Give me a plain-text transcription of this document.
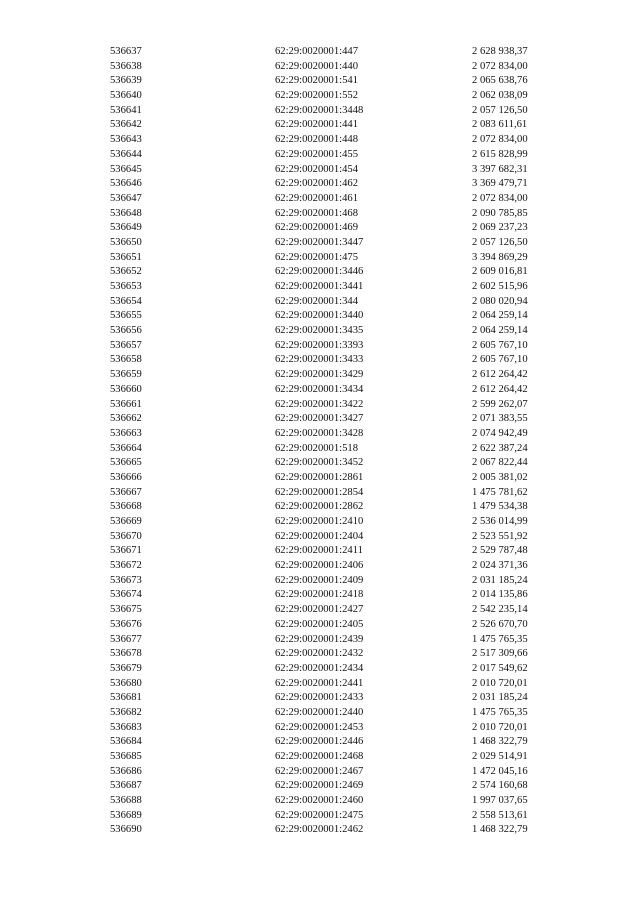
536637	62:29:0020001:447	2 628 938,37
536638	62:29:0020001:440	2 072 834,00
536639	62:29:0020001:541	2 065 638,76
536640	62:29:0020001:552	2 062 038,09
536641	62:29:0020001:3448	2 057 126,50
536642	62:29:0020001:441	2 083 611,61
536643	62:29:0020001:448	2 072 834,00
536644	62:29:0020001:455	2 615 828,99
536645	62:29:0020001:454	3 397 682,31
536646	62:29:0020001:462	3 369 479,71
536647	62:29:0020001:461	2 072 834,00
536648	62:29:0020001:468	2 090 785,85
536649	62:29:0020001:469	2 069 237,23
536650	62:29:0020001:3447	2 057 126,50
536651	62:29:0020001:475	3 394 869,29
536652	62:29:0020001:3446	2 609 016,81
536653	62:29:0020001:3441	2 602 515,96
536654	62:29:0020001:344	2 080 020,94
536655	62:29:0020001:3440	2 064 259,14
536656	62:29:0020001:3435	2 064 259,14
536657	62:29:0020001:3393	2 605 767,10
536658	62:29:0020001:3433	2 605 767,10
536659	62:29:0020001:3429	2 612 264,42
536660	62:29:0020001:3434	2 612 264,42
536661	62:29:0020001:3422	2 599 262,07
536662	62:29:0020001:3427	2 071 383,55
536663	62:29:0020001:3428	2 074 942,49
536664	62:29:0020001:518	2 622 387,24
536665	62:29:0020001:3452	2 067 822,44
536666	62:29:0020001:2861	2 005 381,02
536667	62:29:0020001:2854	1 475 781,62
536668	62:29:0020001:2862	1 479 534,38
536669	62:29:0020001:2410	2 536 014,99
536670	62:29:0020001:2404	2 523 551,92
536671	62:29:0020001:2411	2 529 787,48
536672	62:29:0020001:2406	2 024 371,36
536673	62:29:0020001:2409	2 031 185,24
536674	62:29:0020001:2418	2 014 135,86
536675	62:29:0020001:2427	2 542 235,14
536676	62:29:0020001:2405	2 526 670,70
536677	62:29:0020001:2439	1 475 765,35
536678	62:29:0020001:2432	2 517 309,66
536679	62:29:0020001:2434	2 017 549,62
536680	62:29:0020001:2441	2 010 720,01
536681	62:29:0020001:2433	2 031 185,24
536682	62:29:0020001:2440	1 475 765,35
536683	62:29:0020001:2453	2 010 720,01
536684	62:29:0020001:2446	1 468 322,79
536685	62:29:0020001:2468	2 029 514,91
536686	62:29:0020001:2467	1 472 045,16
536687	62:29:0020001:2469	2 574 160,68
536688	62:29:0020001:2460	1 997 037,65
536689	62:29:0020001:2475	2 558 513,61
536690	62:29:0020001:2462	1 468 322,79
